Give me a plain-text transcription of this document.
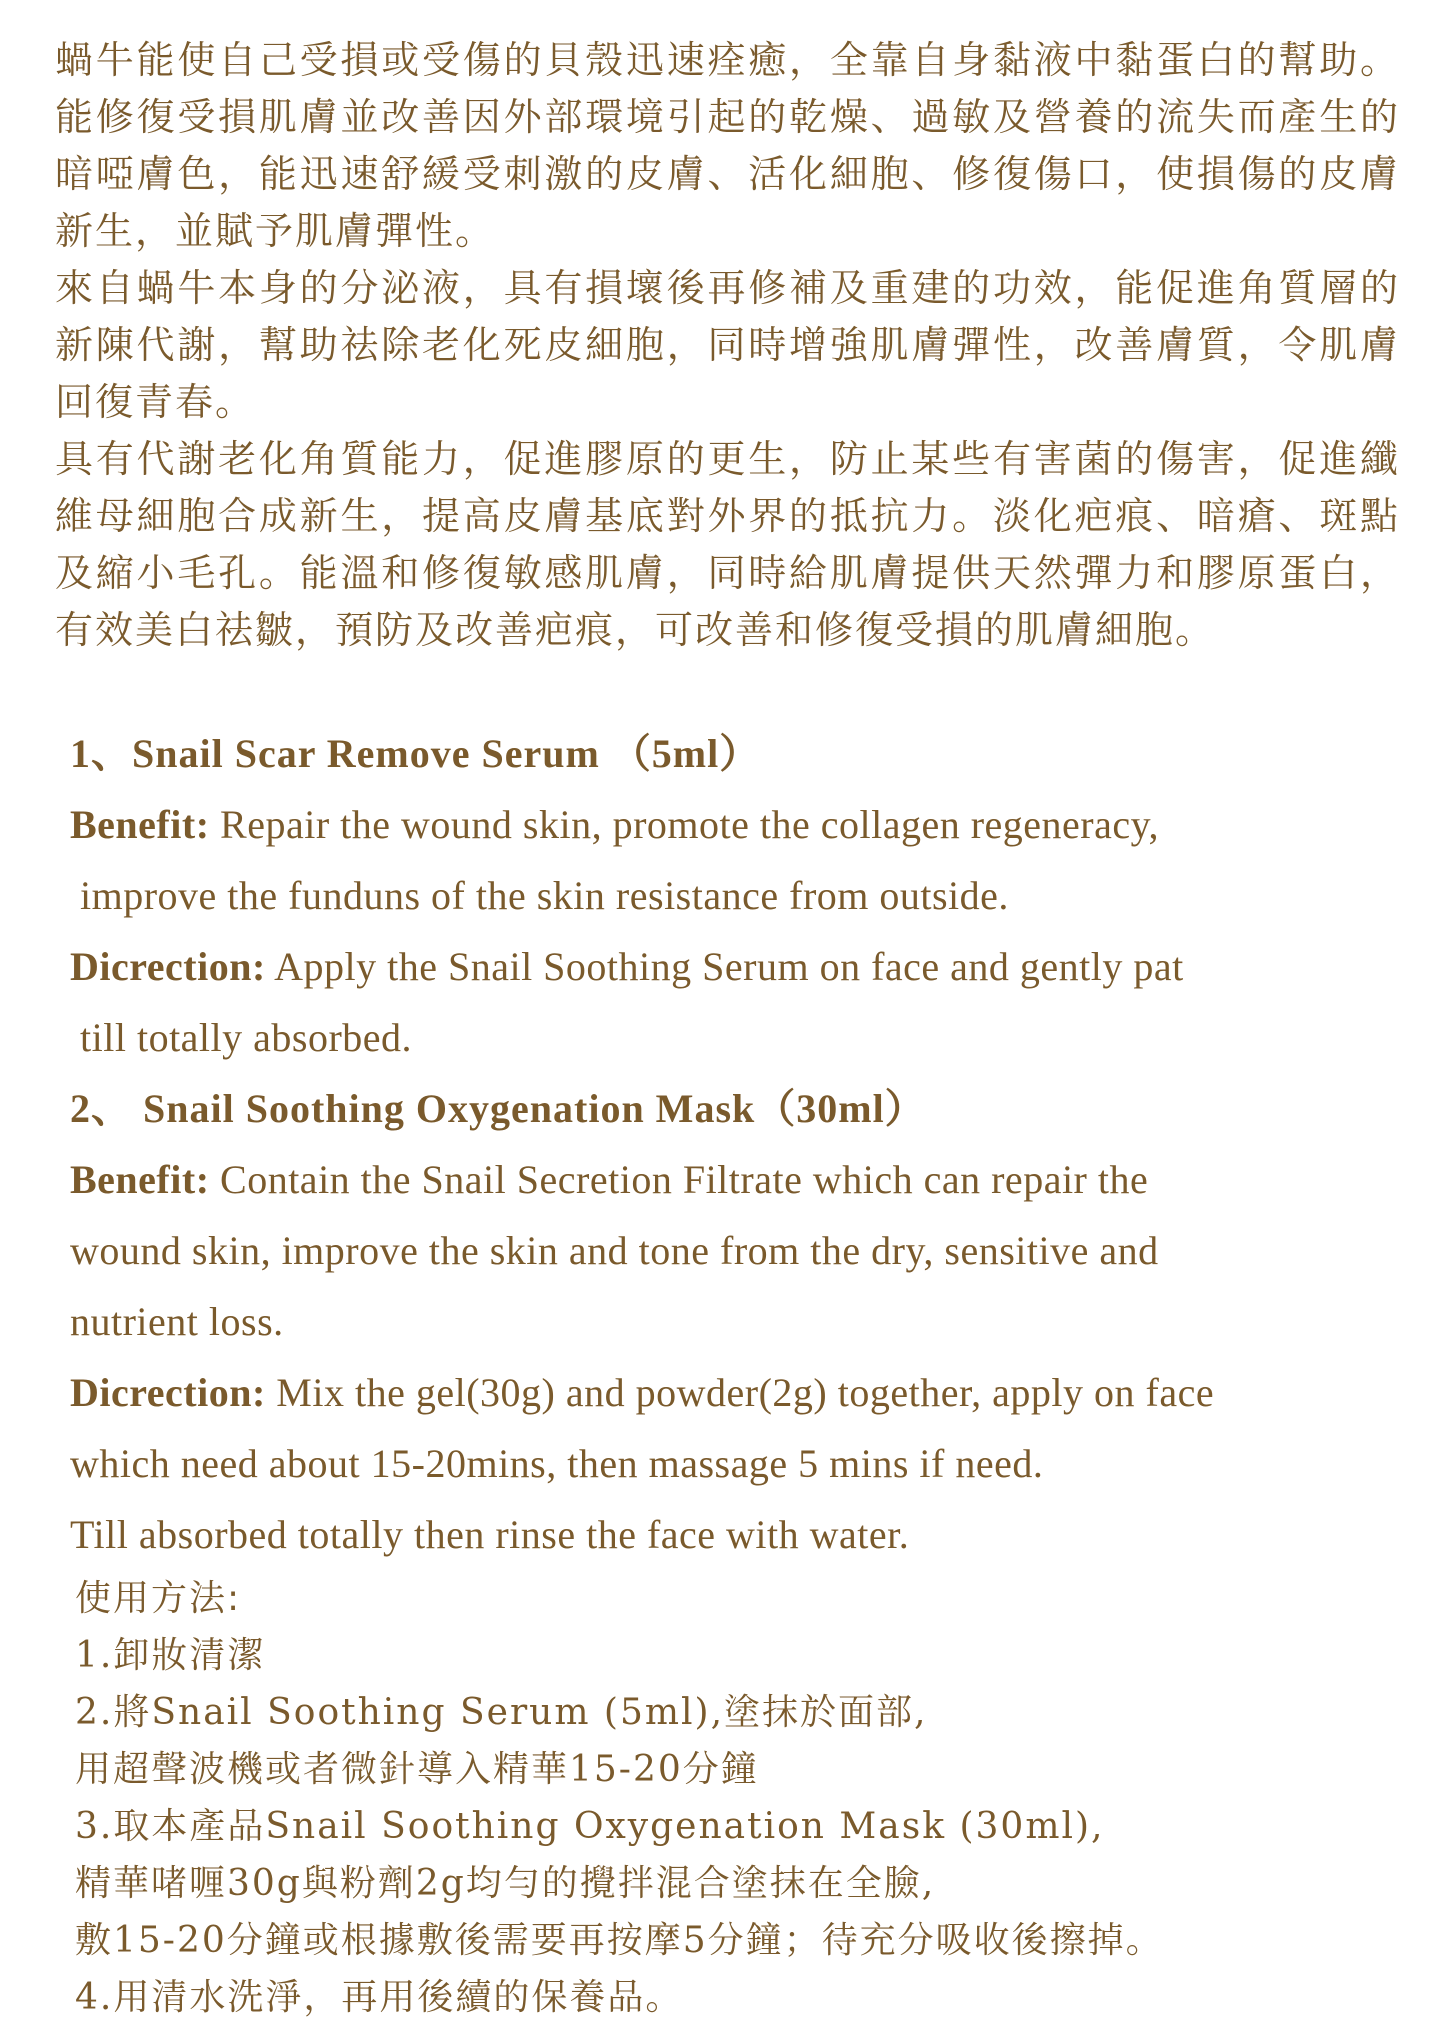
蝸牛能使自己受損或受傷的貝殼迅速痊癒，全靠自身黏液中黏蛋白的幫助。能修復受損肌膚並改善因外部環境引起的乾燥、過敏及營養的流失而產生的暗啞膚色，能迅速舒緩受刺激的皮膚、活化細胞、修復傷口，使損傷的皮膚新生，並賦予肌膚彈性。

來自蝸牛本身的分泌液，具有損壞後再修補及重建的功效，能促進角質層的新陳代謝，幫助祛除老化死皮細胞，同時增強肌膚彈性，改善膚質，令肌膚回復青春。

具有代謝老化角質能力，促進膠原的更生，防止某些有害菌的傷害，促進纖維母細胞合成新生，提高皮膚基底對外界的抵抗力。淡化疤痕、暗瘡、斑點及縮小毛孔。能溫和修復敏感肌膚，同時給肌膚提供天然彈力和膠原蛋白，有效美白祛皺，預防及改善疤痕，可改善和修復受損的肌膚細胞。

1、Snail Scar Remove Serum （5ml）
Benefit: Repair the wound skin, promote the collagen regeneracy,
improve the funduns of the skin resistance from outside.
Dicrection: Apply the Snail Soothing Serum on face and gently pat
till totally absorbed.
2、 Snail Soothing Oxygenation Mask（30ml）
Benefit: Contain the Snail Secretion Filtrate which can repair the
wound skin, improve the skin and tone from the dry, sensitive and
nutrient loss.
Dicrection: Mix the gel(30g) and powder(2g) together, apply on face
which need about 15-20mins, then massage 5 mins if need.
Till absorbed totally then rinse the face with water.
使用方法:
1.卸妝清潔
2.將Snail Soothing Serum (5ml),塗抹於面部,
用超聲波機或者微針導入精華15-20分鐘
3.取本產品Snail Soothing Oxygenation Mask (30ml),
精華啫喱30g與粉劑2g均勻的攪拌混合塗抹在全臉,
敷15-20分鐘或根據敷後需要再按摩5分鐘；待充分吸收後擦掉。
4.用清水洗淨，再用後續的保養品。
